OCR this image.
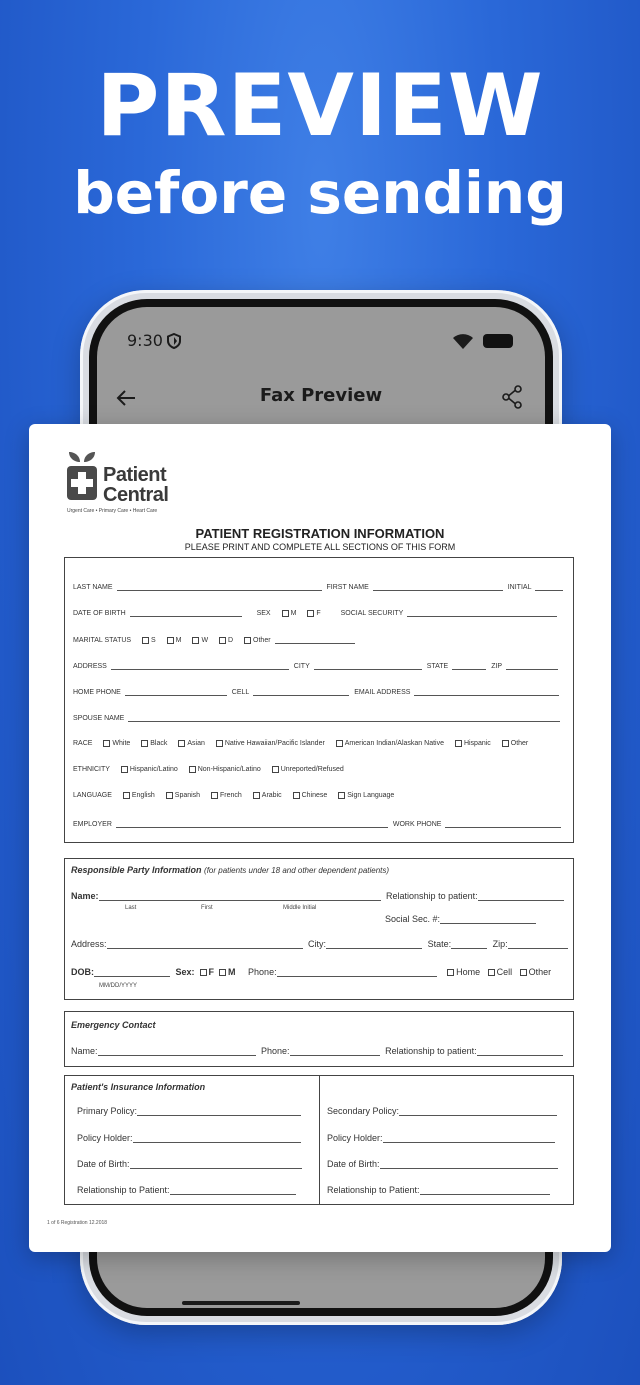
PREVIEW
before sending
9:30
Fax Preview
Patient
Central
Urgent Care • Primary Care • Heart Care
PATIENT REGISTRATION INFORMATION
PLEASE PRINT AND COMPLETE ALL SECTIONS OF THIS FORM
LAST NAME	FIRST NAME	INITIAL
DATE OF BIRTH	SEX	M	F	SOCIAL SECURITY
MARITAL STATUS	S	M	W	D	Other
ADDRESS	CITY	STATE	ZIP
HOME PHONE	CELL	EMAIL ADDRESS
SPOUSE NAME
RACE	White	Black	Asian	Native Hawaiian/Pacific Islander	American Indian/Alaskan Native	Hispanic	Other
ETHNICITY	Hispanic/Latino	Non-Hispanic/Latino	Unreported/Refused
LANGUAGE	English	Spanish	French	Arabic	Chinese	Sign Language
EMPLOYER	WORK PHONE
Responsible Party Information (for patients under 18 and other dependent patients)
Name:	Relationship to patient:
Last	First	Middle Initial
Social Sec. #:
Address:	City:	State:	Zip:
DOB:	Sex: F M Phone:	Home Cell Other
MM/DD/YYYY
Emergency Contact
Name:	Phone:	Relationship to patient:
Patient's Insurance Information
Primary Policy:
Policy Holder:
Date of Birth:
Relationship to Patient:
Secondary Policy:
Policy Holder:
Date of Birth:
Relationship to Patient:
1 of 6 Registration 12.2018
